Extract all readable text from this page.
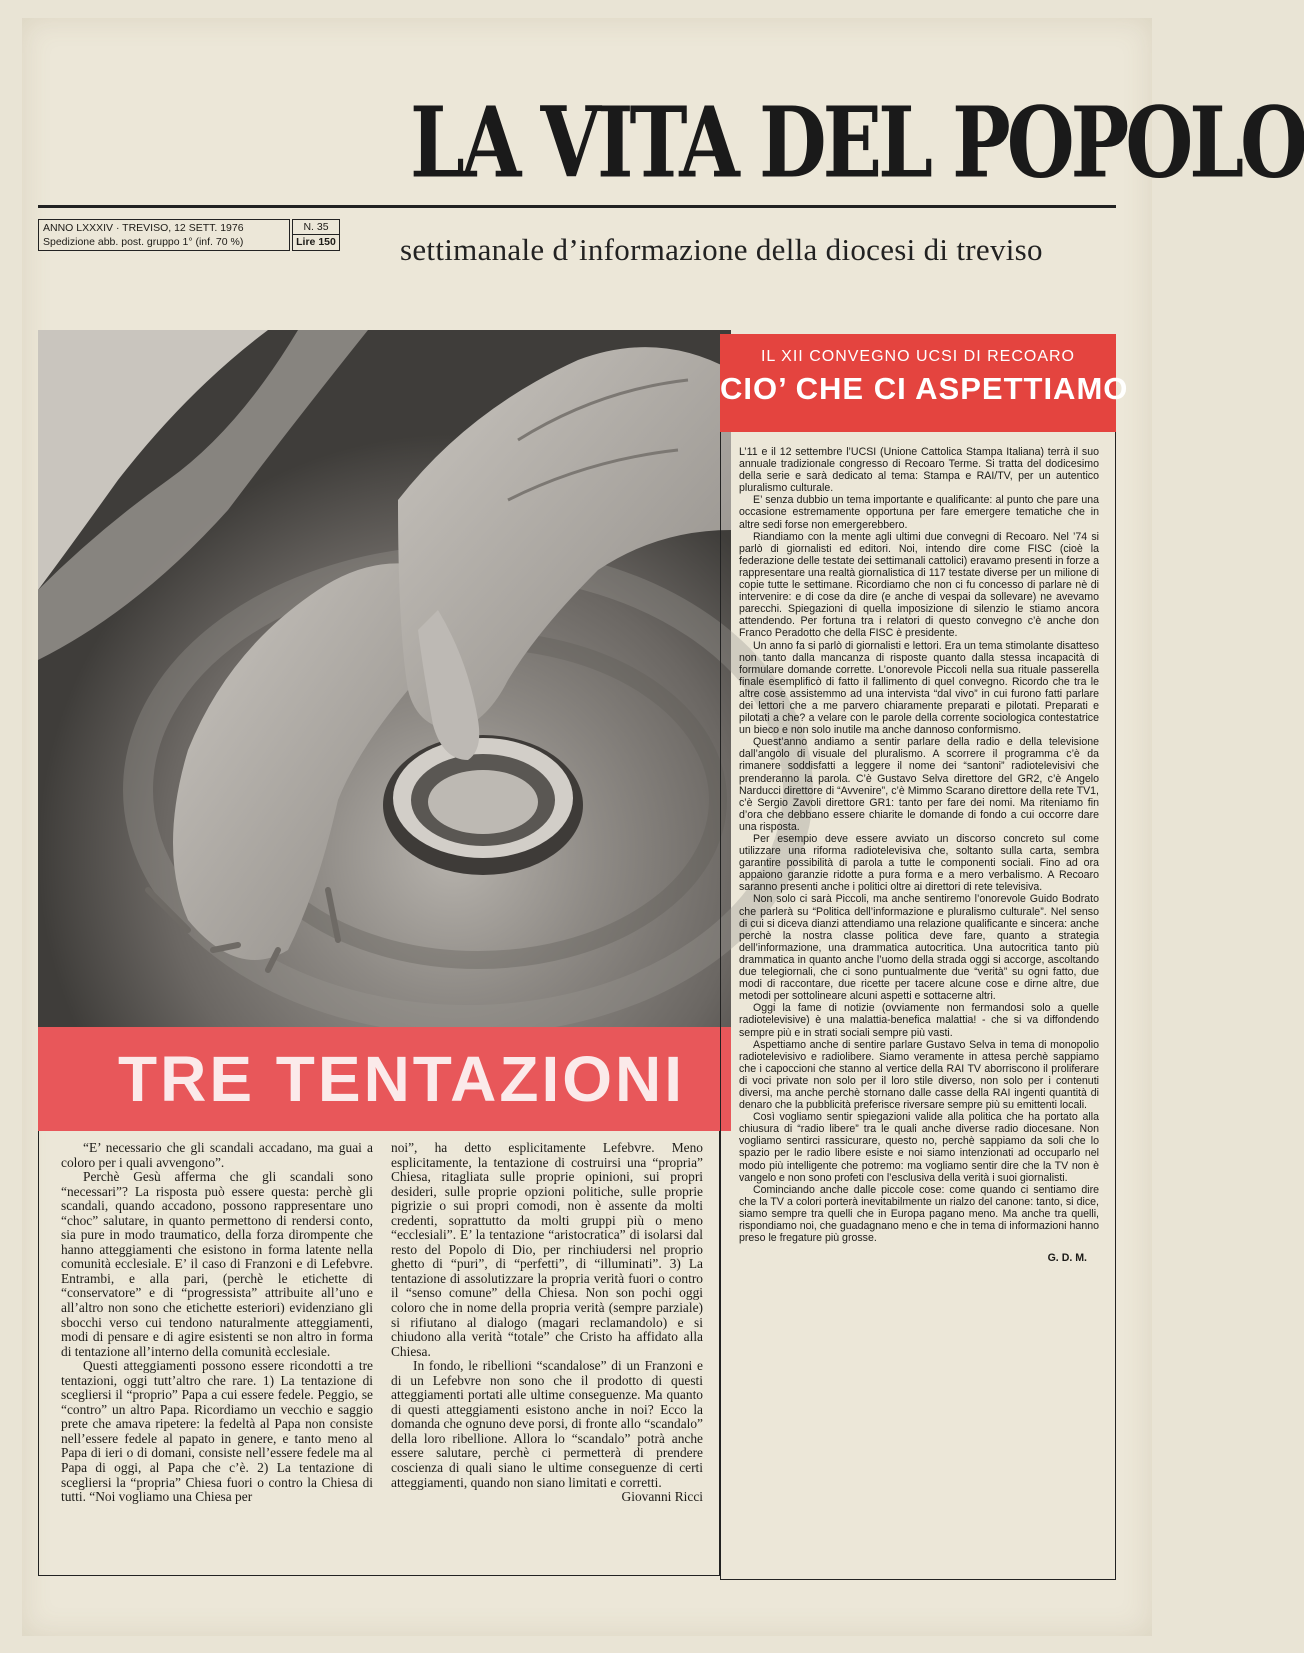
LA VITA DEL POPOLO
ANNO LXXXIV · TREVISO, 12 SETT. 1976
Spedizione abb. post. gruppo 1° (inf. 70 %)
N. 35
Lire 150 settimanale d’informazione della diocesi di treviso
TRE TENTAZIONI
IL XII CONVEGNO UCSI DI RECOARO
CIO’ CHE CI ASPETTIAMO

L’11 e il 12 settembre l’UCSI (Unione Cattolica Stampa Italiana) terrà il suo annuale tradizionale congresso di Recoaro Terme. Si tratta del dodicesimo della serie e sarà dedicato al tema: Stampa e RAI/TV, per un autentico pluralismo culturale.

E’ senza dubbio un tema importante e qualificante: al punto che pare una occasione estremamente opportuna per fare emergere tematiche che in altre sedi forse non emergerebbero.

Riandiamo con la mente agli ultimi due convegni di Recoaro. Nel ’74 si parlò di giornalisti ed editori. Noi, intendo dire come FISC (cioè la federazione delle testate dei settimanali cattolici) eravamo presenti in forze a rappresentare una realtà giornalistica di 117 testate diverse per un milione di copie tutte le settimane. Ricordiamo che non ci fu concesso di parlare nè di intervenire: e di cose da dire (e anche di vespai da sollevare) ne avevamo parecchi. Spiegazioni di quella imposizione di silenzio le stiamo ancora attendendo. Per fortuna tra i relatori di questo convegno c’è anche don Franco Peradotto che della FISC è presidente.

Un anno fa si parlò di giornalisti e lettori. Era un tema stimolante disatteso non tanto dalla mancanza di risposte quanto dalla stessa incapacità di formulare domande corrette. L’onorevole Piccoli nella sua rituale passerella finale esemplificò di fatto il fallimento di quel convegno. Ricordo che tra le altre cose assistemmo ad una intervista “dal vivo” in cui furono fatti parlare dei lettori che a me parvero chiaramente preparati e pilotati. Preparati e pilotati a che? a velare con le parole della corrente sociologica contestatrice un bieco e non solo inutile ma anche dannoso conformismo.

Quest’anno andiamo a sentir parlare della radio e della televisione dall’angolo di visuale del pluralismo. A scorrere il programma c’è da rimanere soddisfatti a leggere il nome dei “santoni” radiotelevisivi che prenderanno la parola. C’è Gustavo Selva direttore del GR2, c’è Angelo Narducci direttore di “Avvenire”, c’è Mimmo Scarano direttore della rete TV1, c’è Sergio Zavoli direttore GR1: tanto per fare dei nomi. Ma riteniamo fin d’ora che debbano essere chiarite le domande di fondo a cui occorre dare una risposta.

Per esempio deve essere avviato un discorso concreto sul come utilizzare una riforma radiotelevisiva che, soltanto sulla carta, sembra garantire possibilità di parola a tutte le componenti sociali. Fino ad ora appaiono garanzie ridotte a pura forma e a mero verbalismo. A Recoaro saranno presenti anche i politici oltre ai direttori di rete televisiva.

Non solo ci sarà Piccoli, ma anche sentiremo l’onorevole Guido Bodrato che parlerà su “Politica dell’informazione e pluralismo culturale”. Nel senso di cui si diceva dianzi attendiamo una relazione qualificante e sincera: anche perchè la nostra classe politica deve fare, quanto a strategia dell’informazione, una drammatica autocritica. Una autocritica tanto più drammatica in quanto anche l’uomo della strada oggi si accorge, ascoltando due telegiornali, che ci sono puntualmente due “verità” su ogni fatto, due modi di raccontare, due ricette per tacere alcune cose e dirne altre, due metodi per sottolineare alcuni aspetti e sottacerne altri.

Oggi la fame di notizie (ovviamente non fermandosi solo a quelle radiotelevisive) è una malattia-benefica malattia! - che si va diffondendo sempre più e in strati sociali sempre più vasti.

Aspettiamo anche di sentire parlare Gustavo Selva in tema di monopolio radiotelevisivo e radiolibere. Siamo veramente in attesa perchè sappiamo che i capoccioni che stanno al vertice della RAI TV aborriscono il proliferare di voci private non solo per il loro stile diverso, non solo per i contenuti diversi, ma anche perchè stornano dalle casse della RAI ingenti quantità di denaro che la pubblicità preferisce riversare sempre più su emittenti locali.

Così vogliamo sentir spiegazioni valide alla politica che ha portato alla chiusura di “radio libere” tra le quali anche diverse radio diocesane. Non vogliamo sentirci rassicurare, questo no, perchè sappiamo da soli che lo spazio per le radio libere esiste e noi siamo intenzionati ad occuparlo nel modo più intelligente che potremo: ma vogliamo sentir dire che la TV non è vangelo e non sono profeti con l’esclusiva della verità i suoi giornalisti.

Cominciando anche dalle piccole cose: come quando ci sentiamo dire che la TV a colori porterà inevitabilmente un rialzo del canone: tanto, si dice, siamo sempre tra quelli che in Europa pagano meno. Ma anche tra quelli, rispondiamo noi, che guadagnano meno e che in tema di informazioni hanno preso le fregature più grosse.

G. D. M.

“E’ necessario che gli scandali accadano, ma guai a coloro per i quali avvengono”.

Perchè Gesù afferma che gli scandali sono “necessari”? La risposta può essere questa: perchè gli scandali, quando accadono, possono rappresentare uno “choc” salutare, in quanto permettono di rendersi conto, sia pure in modo traumatico, della forza dirompente che hanno atteggiamenti che esistono in forma latente nella comunità ecclesiale. E’ il caso di Franzoni e di Lefebvre. Entrambi, e alla pari, (perchè le etichette di “conservatore” e di “progressista” attribuite all’uno e all’altro non sono che etichette esteriori) evidenziano gli sbocchi verso cui tendono naturalmente atteggiamenti, modi di pensare e di agire esistenti se non altro in forma di tentazione all’interno della comunità ecclesiale.

Questi atteggiamenti possono essere ricondotti a tre tentazioni, oggi tutt’altro che rare. 1) La tentazione di scegliersi il “proprio” Papa a cui essere fedele. Peggio, se “contro” un altro Papa. Ricordiamo un vecchio e saggio prete che amava ripetere: la fedeltà al Papa non consiste nell’essere fedele al papato in genere, e tanto meno al Papa di ieri o di domani, consiste nell’essere fedele ma al Papa di oggi, al Papa che c’è. 2) La tentazione di scegliersi la “propria” Chiesa fuori o contro la Chiesa di tutti. “Noi vogliamo una Chiesa per

noi”, ha detto esplicitamente Lefebvre. Meno esplicitamente, la tentazione di costruirsi una “propria” Chiesa, ritagliata sulle proprie opinioni, sui propri desideri, sulle proprie opzioni politiche, sulle proprie pigrizie o sui propri comodi, non è assente da molti credenti, soprattutto da molti gruppi più o meno “ecclesiali”. E’ la tentazione “aristocratica” di isolarsi dal resto del Popolo di Dio, per rinchiudersi nel proprio ghetto di “puri”, di “perfetti”, di “illuminati”. 3) La tentazione di assolutizzare la propria verità fuori o contro il “senso comune” della Chiesa. Non son pochi oggi coloro che in nome della propria verità (sempre parziale) si rifiutano al dialogo (magari reclamandolo) e si chiudono alla verità “totale” che Cristo ha affidato alla Chiesa.

In fondo, le ribellioni “scandalose” di un Franzoni e di un Lefebvre non sono che il prodotto di questi atteggiamenti portati alle ultime conseguenze. Ma quanto di questi atteggiamenti esistono anche in noi? Ecco la domanda che ognuno deve porsi, di fronte allo “scandalo” della loro ribellione. Allora lo “scandalo” potrà anche essere salutare, perchè ci permetterà di prendere coscienza di quali siano le ultime conseguenze di certi atteggiamenti, quando non siano limitati e corretti.

Giovanni Ricci
